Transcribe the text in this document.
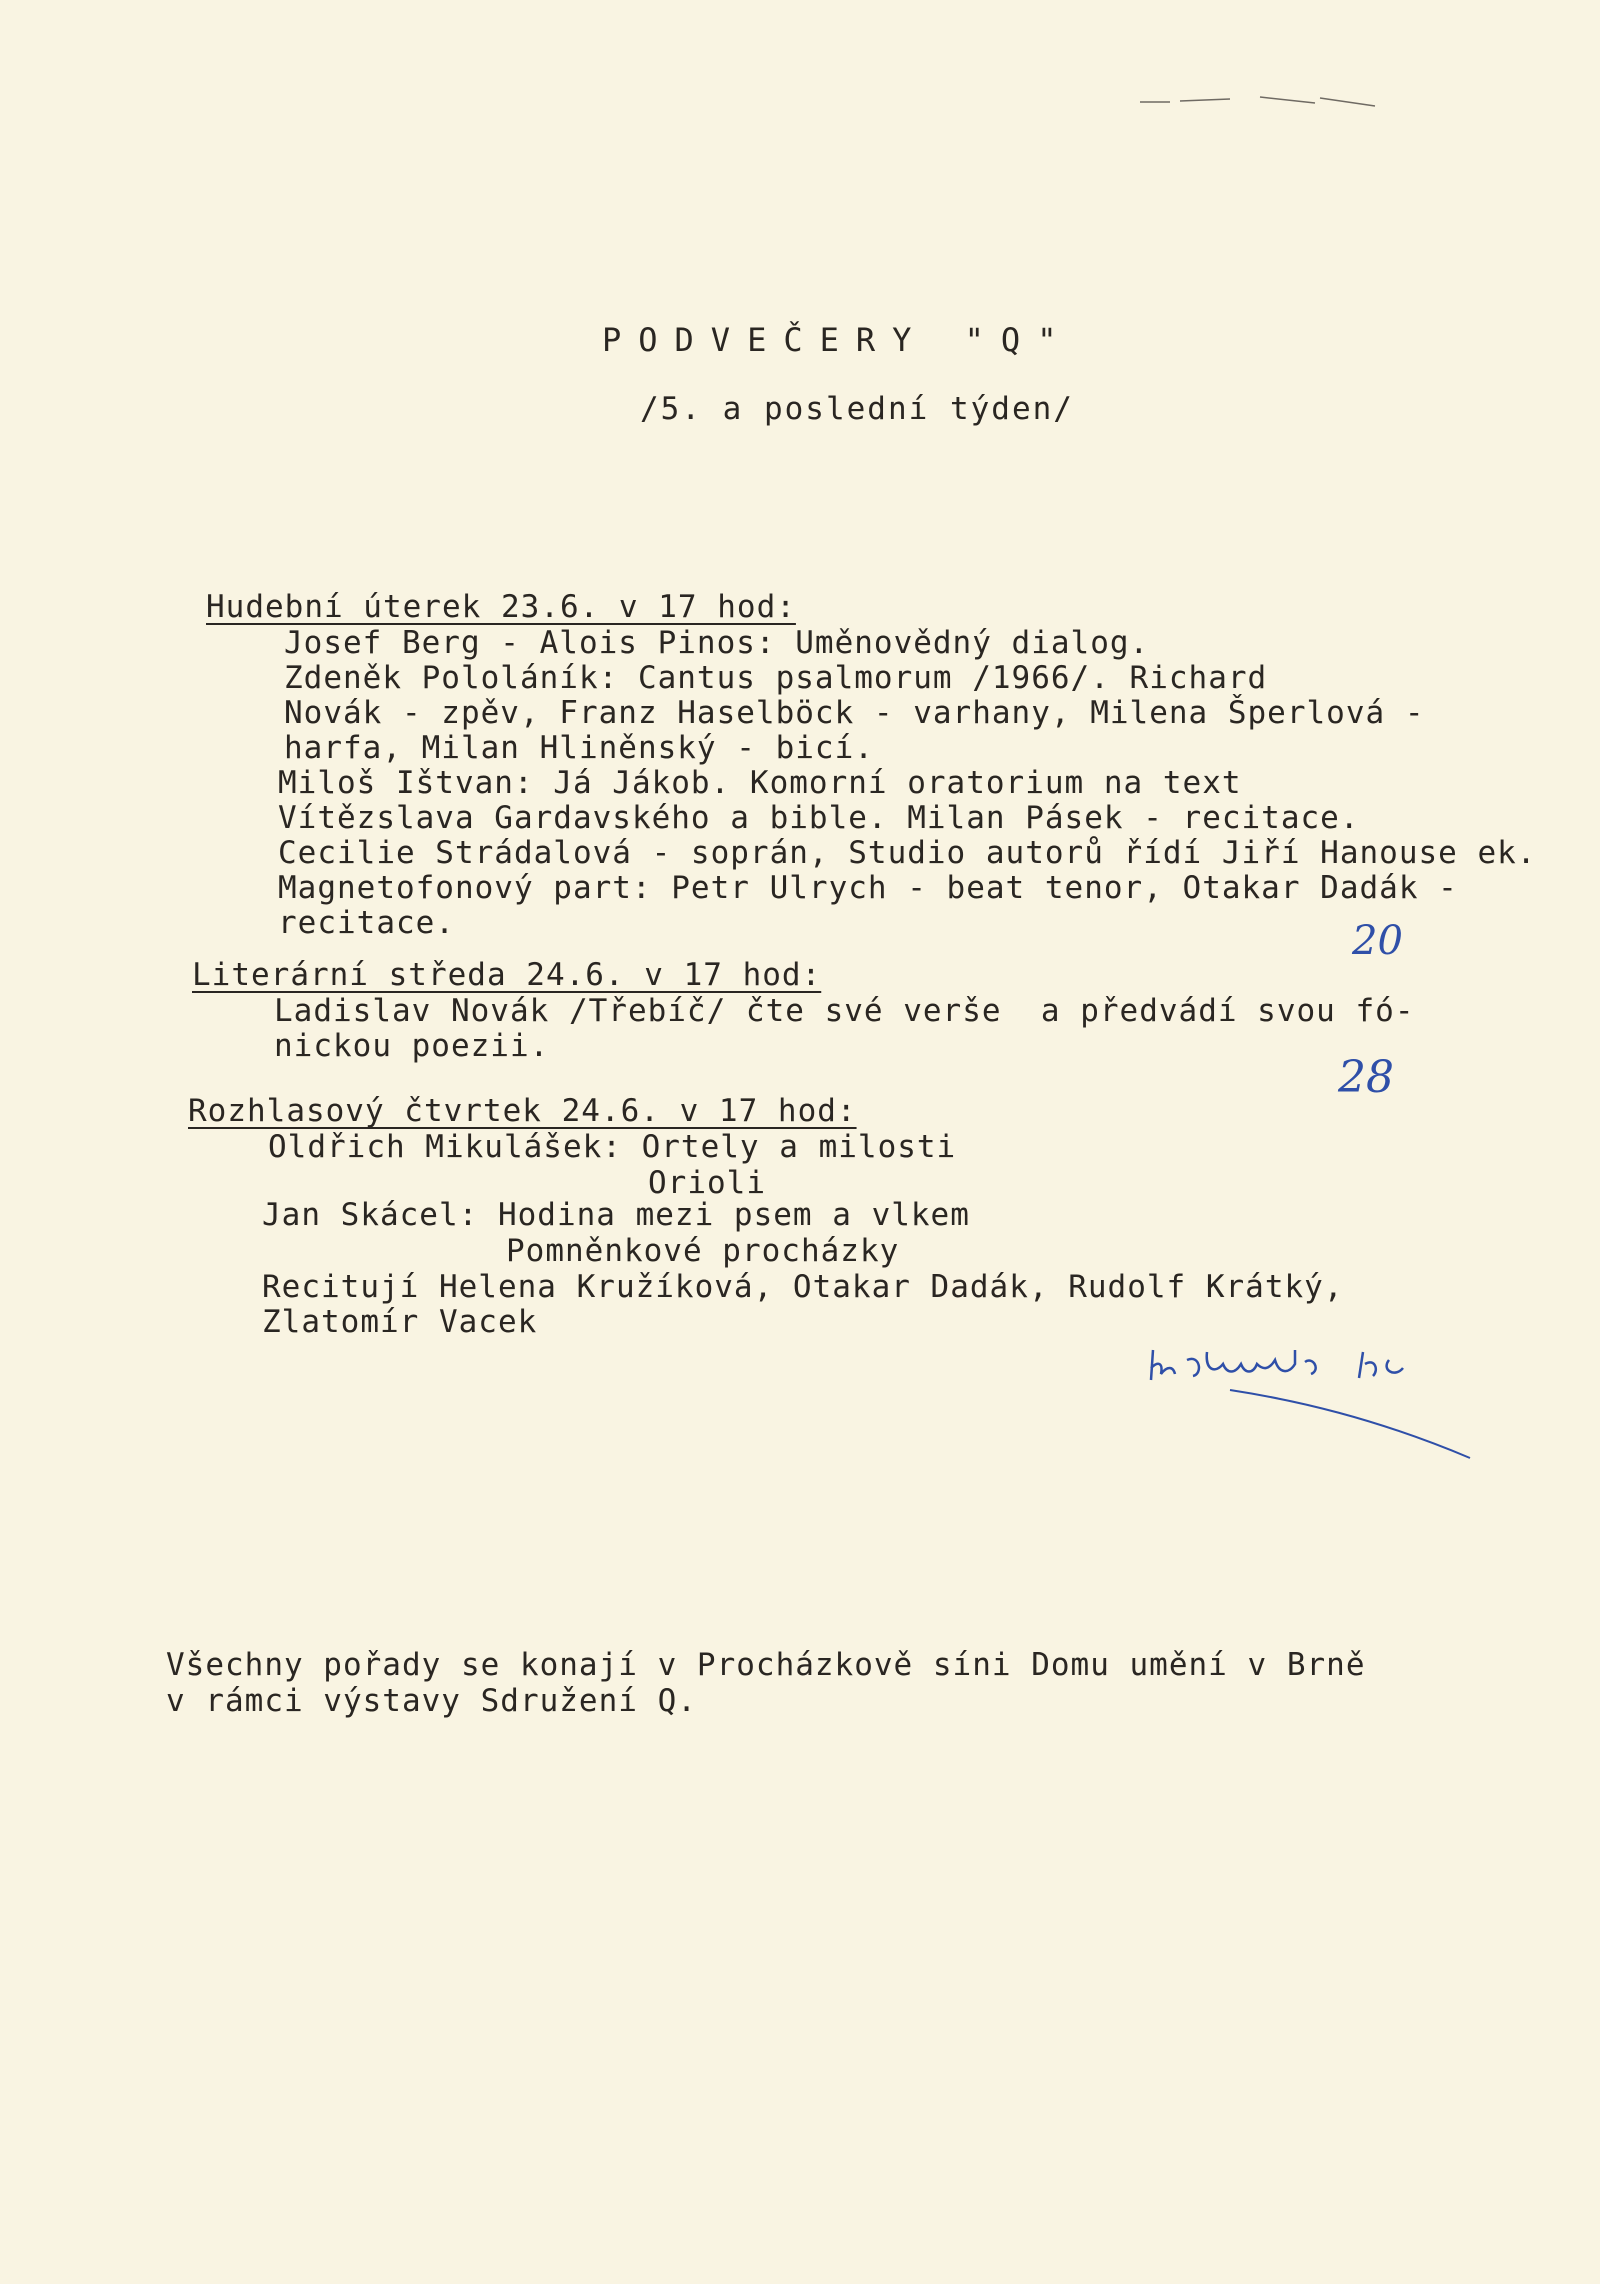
PODVEČERY "Q"
/5. a poslední týden/
Hudební úterek 23.6. v 17 hod:
Josef Berg - Alois Pinos: Uměnovědný dialog.
Zdeněk Pololáník: Cantus psalmorum /1966/. Richard
Novák - zpěv, Franz Haselböck - varhany, Milena Šperlová -
harfa, Milan Hliněnský - bicí.
Miloš Ištvan: Já Jákob. Komorní oratorium na text
Vítězslava Gardavského a bible. Milan Pásek - recitace.
Cecilie Strádalová - soprán, Studio autorů řídí Jiří Hanouse ek.
Magnetofonový part: Petr Ulrych - beat tenor, Otakar Dadák -
recitace.	20
Literární středa 24.6. v 17 hod:
Ladislav Novák /Třebíč/ čte své verše  a předvádí svou fó-
nickou poezii.
28
Rozhlasový čtvrtek 24.6. v 17 hod:
Oldřich Mikulášek: Ortely a milosti
Orioli
Jan Skácel: Hodina mezi psem a vlkem
Pomněnkové procházky
Recitují Helena Kružíková, Otakar Dadák, Rudolf Krátký,
Zlatomír Vacek
Všechny pořady se konají v Procházkově síni Domu umění v Brně
v rámci výstavy Sdružení Q.
